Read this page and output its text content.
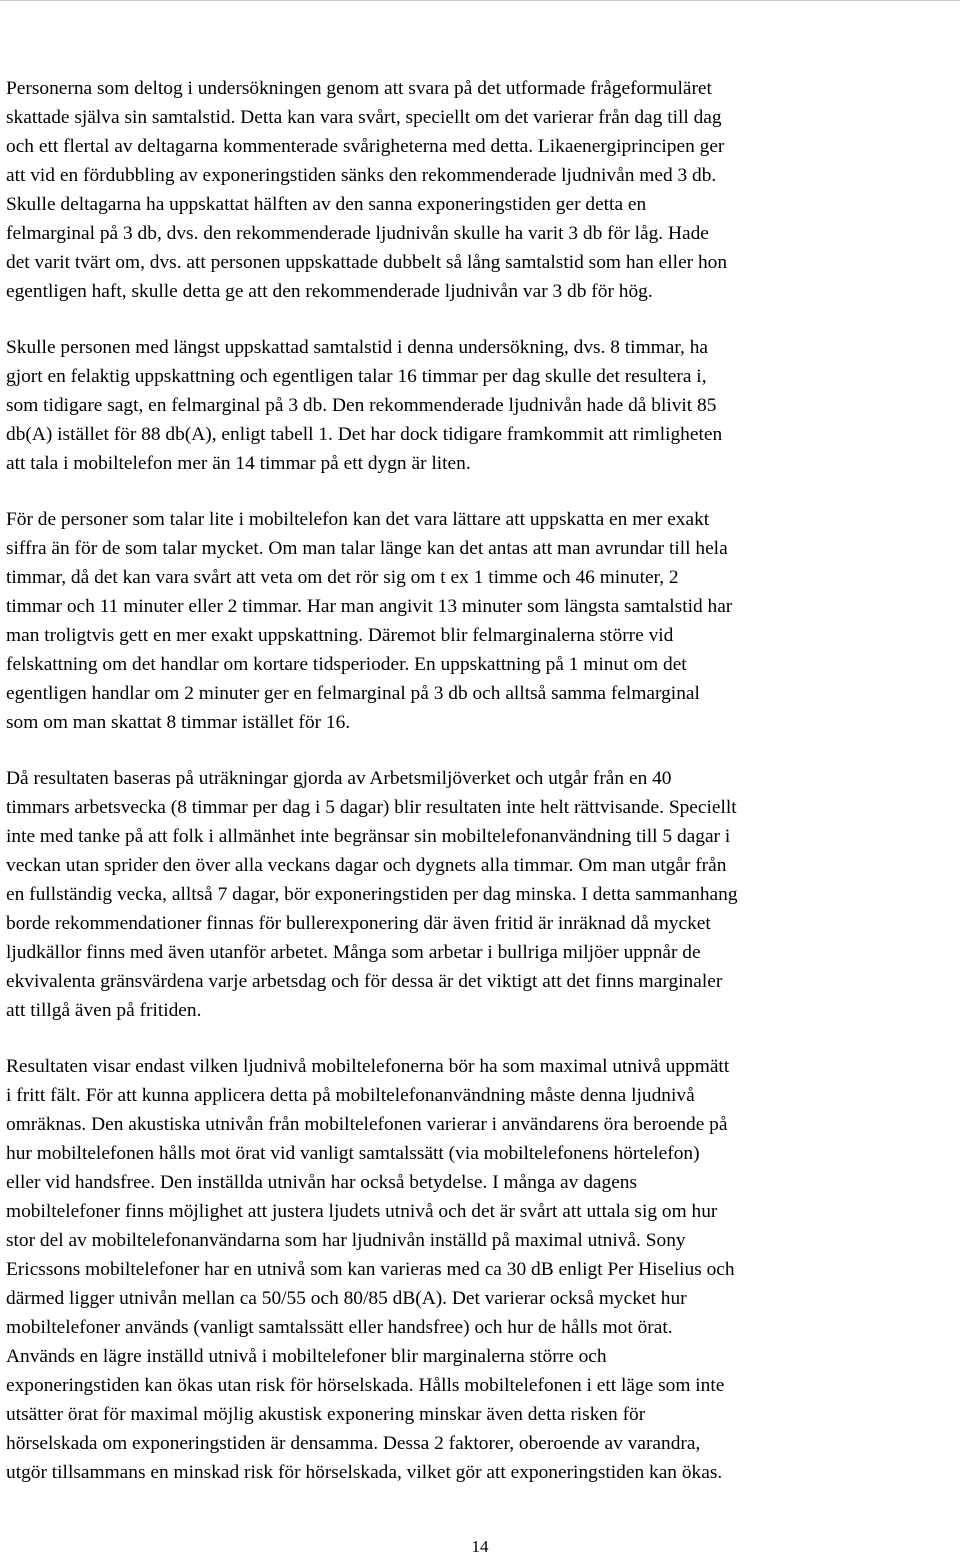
Personerna som deltog i undersökningen genom att svara på det utformade frågeformuläret
skattade själva sin samtalstid. Detta kan vara svårt, speciellt om det varierar från dag till dag
och ett flertal av deltagarna kommenterade svårigheterna med detta. Likaenergiprincipen ger
att vid en fördubbling av exponeringstiden sänks den rekommenderade ljudnivån med 3 db.
Skulle deltagarna ha uppskattat hälften av den sanna exponeringstiden ger detta en
felmarginal på 3 db, dvs. den rekommenderade ljudnivån skulle ha varit 3 db för låg. Hade
det varit tvärt om, dvs. att personen uppskattade dubbelt så lång samtalstid som han eller hon
egentligen haft, skulle detta ge att den rekommenderade ljudnivån var 3 db för hög.

Skulle personen med längst uppskattad samtalstid i denna undersökning, dvs. 8 timmar, ha
gjort en felaktig uppskattning och egentligen talar 16 timmar per dag skulle det resultera i,
som tidigare sagt, en felmarginal på 3 db. Den rekommenderade ljudnivån hade då blivit 85
db(A) istället för 88 db(A), enligt tabell 1. Det har dock tidigare framkommit att rimligheten
att tala i mobiltelefon mer än 14 timmar på ett dygn är liten.

För de personer som talar lite i mobiltelefon kan det vara lättare att uppskatta en mer exakt
siffra än för de som talar mycket. Om man talar länge kan det antas att man avrundar till hela
timmar, då det kan vara svårt att veta om det rör sig om t ex 1 timme och 46 minuter, 2
timmar och 11 minuter eller 2 timmar. Har man angivit 13 minuter som längsta samtalstid har
man troligtvis gett en mer exakt uppskattning. Däremot blir felmarginalerna större vid
felskattning om det handlar om kortare tidsperioder. En uppskattning på 1 minut om det
egentligen handlar om 2 minuter ger en felmarginal på 3 db och alltså samma felmarginal
som om man skattat 8 timmar istället för 16.

Då resultaten baseras på uträkningar gjorda av Arbetsmiljöverket och utgår från en 40
timmars arbetsvecka (8 timmar per dag i 5 dagar) blir resultaten inte helt rättvisande. Speciellt
inte med tanke på att folk i allmänhet inte begränsar sin mobiltelefonanvändning till 5 dagar i
veckan utan sprider den över alla veckans dagar och dygnets alla timmar. Om man utgår från
en fullständig vecka, alltså 7 dagar, bör exponeringstiden per dag minska. I detta sammanhang
borde rekommendationer finnas för bullerexponering där även fritid är inräknad då mycket
ljudkällor finns med även utanför arbetet. Många som arbetar i bullriga miljöer uppnår de
ekvivalenta gränsvärdena varje arbetsdag och för dessa är det viktigt att det finns marginaler
att tillgå även på fritiden.

Resultaten visar endast vilken ljudnivå mobiltelefonerna bör ha som maximal utnivå uppmätt
i fritt fält. För att kunna applicera detta på mobiltelefonanvändning måste denna ljudnivå
omräknas. Den akustiska utnivån från mobiltelefonen varierar i användarens öra beroende på
hur mobiltelefonen hålls mot örat vid vanligt samtalssätt (via mobiltelefonens hörtelefon)
eller vid handsfree. Den inställda utnivån har också betydelse. I många av dagens
mobiltelefoner finns möjlighet att justera ljudets utnivå och det är svårt att uttala sig om hur
stor del av mobiltelefonanvändarna som har ljudnivån inställd på maximal utnivå. Sony
Ericssons mobiltelefoner har en utnivå som kan varieras med ca 30 dB enligt Per Hiselius och
därmed ligger utnivån mellan ca 50/55 och 80/85 dB(A). Det varierar också mycket hur
mobiltelefoner används (vanligt samtalssätt eller handsfree) och hur de hålls mot örat.
Används en lägre inställd utnivå i mobiltelefoner blir marginalerna större och
exponeringstiden kan ökas utan risk för hörselskada. Hålls mobiltelefonen i ett läge som inte
utsätter örat för maximal möjlig akustisk exponering minskar även detta risken för
hörselskada om exponeringstiden är densamma. Dessa 2 faktorer, oberoende av varandra,
utgör tillsammans en minskad risk för hörselskada, vilket gör att exponeringstiden kan ökas.

14
